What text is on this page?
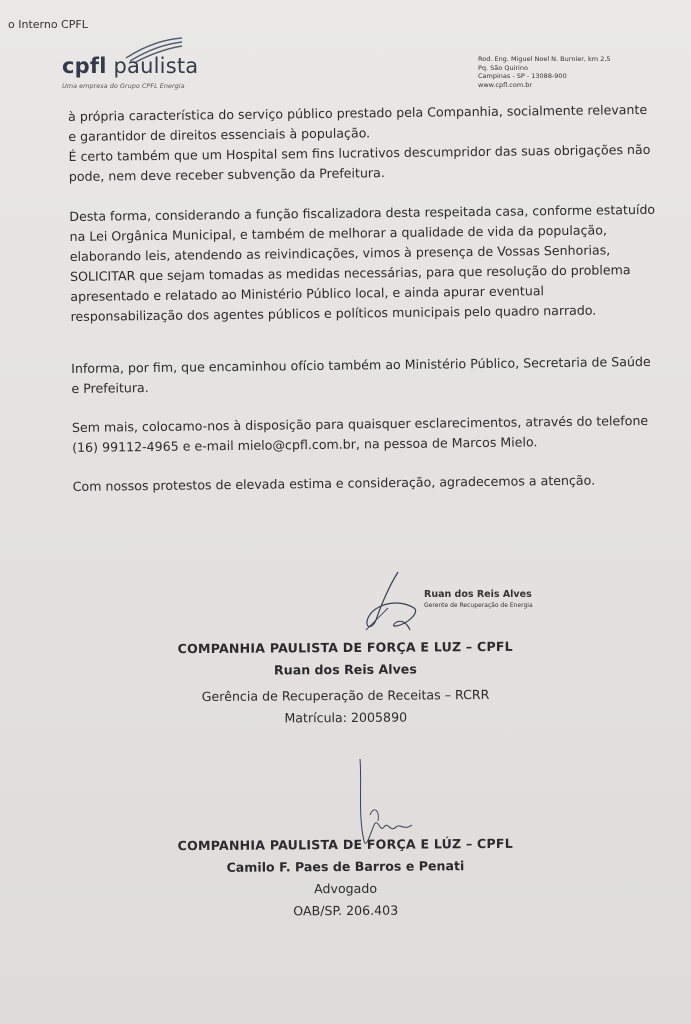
o Interno CPFL
cpfl paulista
Uma empresa do Grupo CPFL Energia
Rod. Eng. Miguel Noel N. Burnier, km 2,5
Pq. São Quirino
Campinas - SP - 13088-900
www.cpfl.com.br

à própria característica do serviço público prestado pela Companhia, socialmente relevante
e garantidor de direitos essenciais à população.
É certo também que um Hospital sem fins lucrativos descumpridor das suas obrigações não
pode, nem deve receber subvenção da Prefeitura.
Desta forma, considerando a função fiscalizadora desta respeitada casa, conforme estatuído
na Lei Orgânica Municipal, e também de melhorar a qualidade de vida da população,
elaborando leis, atendendo as reivindicações, vimos à presença de Vossas Senhorias,
SOLICITAR que sejam tomadas as medidas necessárias, para que resolução do problema
apresentado e relatado ao Ministério Público local, e ainda apurar eventual
responsabilização dos agentes públicos e políticos municipais pelo quadro narrado.
Informa, por fim, que encaminhou ofício também ao Ministério Público, Secretaria de Saúde
e Prefeitura.
Sem mais, colocamo-nos à disposição para quaisquer esclarecimentos, através do telefone
(16) 99112-4965 e e-mail mielo@cpfl.com.br, na pessoa de Marcos Mielo.
Com nossos protestos de elevada estima e consideração, agradecemos a atenção.
Ruan dos Reis Alves
Gerente de Recuperação de Energia
COMPANHIA PAULISTA DE FORÇA E LUZ – CPFL
Ruan dos Reis Alves
Gerência de Recuperação de Receitas – RCRR
Matrícula: 2005890
COMPANHIA PAULISTA DE FORÇA E LÚZ – CPFL
Camilo F. Paes de Barros e Penati
Advogado
OAB/SP. 206.403
